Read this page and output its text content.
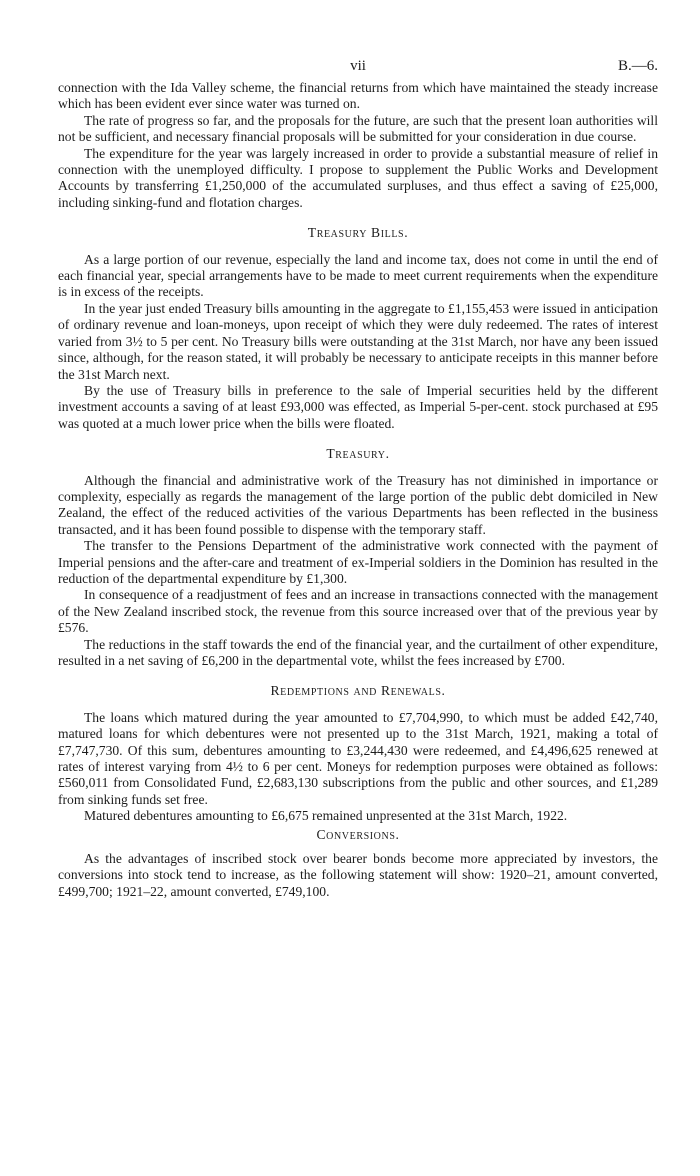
vii	B.—6.

connection with the Ida Valley scheme, the financial returns from which have maintained the steady increase which has been evident ever since water was turned on.

The rate of progress so far, and the proposals for the future, are such that the present loan authorities will not be sufficient, and necessary financial proposals will be submitted for your consideration in due course.

The expenditure for the year was largely increased in order to provide a substantial measure of relief in connection with the unemployed difficulty. I propose to supplement the Public Works and Development Accounts by transferring £1,250,000 of the accumulated surpluses, and thus effect a saving of £25,000, including sinking-fund and flotation charges.

Treasury Bills.

As a large portion of our revenue, especially the land and income tax, does not come in until the end of each financial year, special arrangements have to be made to meet current requirements when the expenditure is in excess of the receipts.

In the year just ended Treasury bills amounting in the aggregate to £1,155,453 were issued in anticipation of ordinary revenue and loan-moneys, upon receipt of which they were duly redeemed. The rates of interest varied from 3½ to 5 per cent. No Treasury bills were outstanding at the 31st March, nor have any been issued since, although, for the reason stated, it will probably be necessary to anticipate receipts in this manner before the 31st March next.

By the use of Treasury bills in preference to the sale of Imperial securities held by the different investment accounts a saving of at least £93,000 was effected, as Imperial 5-per-cent. stock purchased at £95 was quoted at a much lower price when the bills were floated.

Treasury.

Although the financial and administrative work of the Treasury has not diminished in importance or complexity, especially as regards the management of the large portion of the public debt domiciled in New Zealand, the effect of the reduced activities of the various Departments has been reflected in the business transacted, and it has been found possible to dispense with the temporary staff.

The transfer to the Pensions Department of the administrative work connected with the payment of Imperial pensions and the after-care and treatment of ex-Imperial soldiers in the Dominion has resulted in the reduction of the departmental expenditure by £1,300.

In consequence of a readjustment of fees and an increase in transactions connected with the management of the New Zealand inscribed stock, the revenue from this source increased over that of the previous year by £576.

The reductions in the staff towards the end of the financial year, and the curtailment of other expenditure, resulted in a net saving of £6,200 in the departmental vote, whilst the fees increased by £700.

Redemptions and Renewals.

The loans which matured during the year amounted to £7,704,990, to which must be added £42,740, matured loans for which debentures were not presented up to the 31st March, 1921, making a total of £7,747,730. Of this sum, debentures amounting to £3,244,430 were redeemed, and £4,496,625 renewed at rates of interest varying from 4½ to 6 per cent. Moneys for redemption purposes were obtained as follows: £560,011 from Consolidated Fund, £2,683,130 subscriptions from the public and other sources, and £1,289 from sinking funds set free.

Matured debentures amounting to £6,675 remained unpresented at the 31st March, 1922.

Conversions.

As the advantages of inscribed stock over bearer bonds become more appreciated by investors, the conversions into stock tend to increase, as the following statement will show: 1920–21, amount converted, £499,700; 1921–22, amount converted, £749,100.
